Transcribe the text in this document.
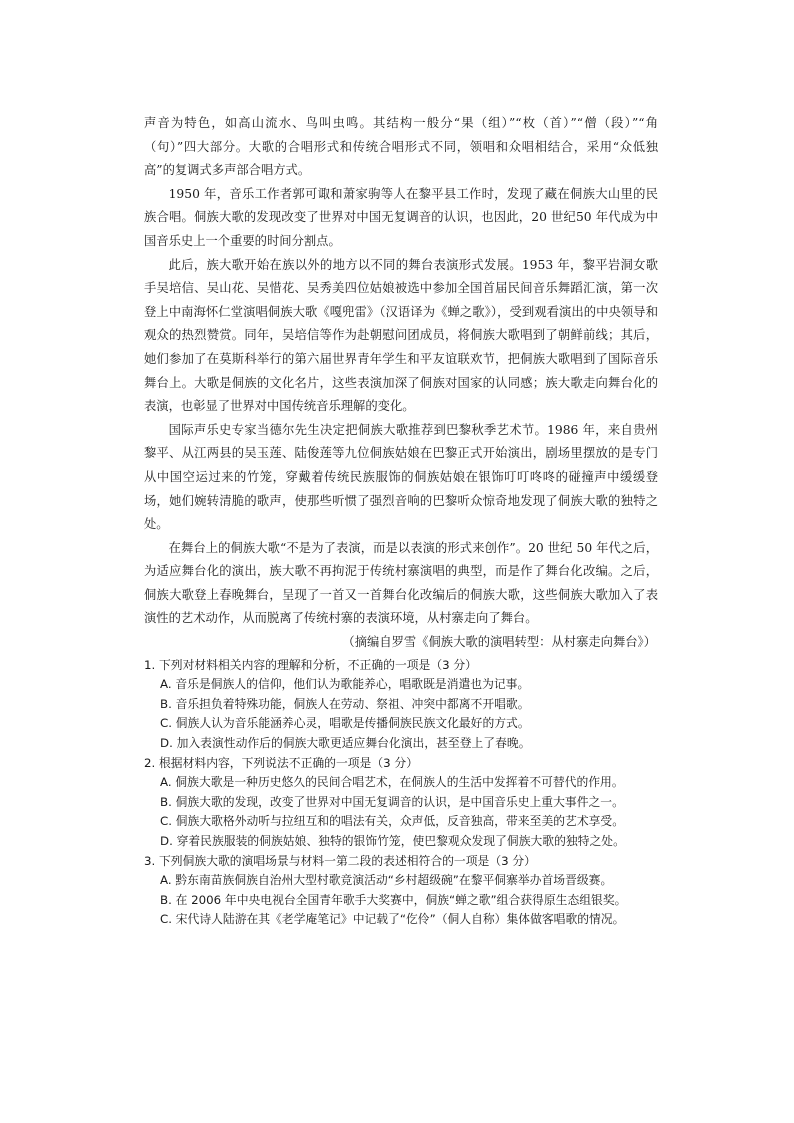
声音为特色，如高山流水、鸟叫虫鸣。其结构一般分“果（组）”“枚（首）”“僧（段）”“角（句）”四大部分。大歌的合唱形式和传统合唱形式不同，领唱和众唱相结合，采用“众低独高”的复调式多声部合唱方式。

1950 年，音乐工作者郭可诹和萧家驹等人在黎平县工作时，发现了藏在侗族大山里的民族合唱。侗族大歌的发现改变了世界对中国无复调音的认识，也因此，20 世纪50 年代成为中国音乐史上一个重要的时间分割点。

此后，族大歌开始在族以外的地方以不同的舞台表演形式发展。1953 年，黎平岩洞女歌手吴培信、吴山花、吴惜花、吴秀美四位姑娘被选中参加全国首届民间音乐舞蹈汇演，第一次登上中南海怀仁堂演唱侗族大歌《嘎兜雷》（汉语译为《蝉之歌》），受到观看演出的中央领导和观众的热烈赞赏。同年，吴培信等作为赴朝慰问团成员，将侗族大歌唱到了朝鲜前线；其后，她们参加了在莫斯科举行的第六届世界青年学生和平友谊联欢节，把侗族大歌唱到了国际音乐舞台上。大歌是侗族的文化名片，这些表演加深了侗族对国家的认同感；族大歌走向舞台化的表演，也彰显了世界对中国传统音乐理解的变化。

国际声乐史专家当德尔先生决定把侗族大歌推荐到巴黎秋季艺术节。1986 年，来自贵州黎平、从江两县的吴玉莲、陆俊莲等九位侗族姑娘在巴黎正式开始演出，剧场里摆放的是专门从中国空运过来的竹笼，穿戴着传统民族服饰的侗族姑娘在银饰叮叮咚咚的碰撞声中缓缓登场，她们婉转清脆的歌声，使那些听惯了强烈音响的巴黎听众惊奇地发现了侗族大歌的独特之处。

在舞台上的侗族大歌“不是为了表演，而是以表演的形式来创作”。20 世纪 50 年代之后，为适应舞台化的演出，族大歌不再拘泥于传统村寨演唱的典型，而是作了舞台化改编。之后，侗族大歌登上春晚舞台，呈现了一首又一首舞台化改编后的侗族大歌，这些侗族大歌加入了表演性的艺术动作，从而脱离了传统村寨的表演环境，从村寨走向了舞台。

（摘编自罗雪《侗族大歌的演唱转型：从村寨走向舞台》）

1. 下列对材料相关内容的理解和分析，不正确的一项是（3 分）

A. 音乐是侗族人的信仰，他们认为歌能养心，唱歌既是消遣也为记事。

B. 音乐担负着特殊功能，侗族人在劳动、祭祖、冲突中都离不开唱歌。

C. 侗族人认为音乐能涵养心灵，唱歌是传播侗族民族文化最好的方式。

D. 加入表演性动作后的侗族大歌更适应舞台化演出，甚至登上了春晚。

2. 根据材料内容，下列说法不正确的一项是（3 分）

A. 侗族大歌是一种历史悠久的民间合唱艺术，在侗族人的生活中发挥着不可替代的作用。

B. 侗族大歌的发现，改变了世界对中国无复调音的认识，是中国音乐史上重大事件之一。

C. 侗族大歌格外动听与拉纽互和的唱法有关，众声低，反音独高，带来至美的艺术享受。

D. 穿着民族服装的侗族姑娘、独特的银饰竹笼，使巴黎观众发现了侗族大歌的独特之处。

3. 下列侗族大歌的演唱场景与材料一第二段的表述相符合的一项是（3 分）

A. 黔东南苗族侗族自治州大型村歌竞演活动“乡村超级碗”在黎平侗寨举办首场晋级赛。

B. 在 2006 年中央电视台全国青年歌手大奖赛中，侗族“蝉之歌”组合获得原生态组银奖。

C. 宋代诗人陆游在其《老学庵笔记》中记载了“仡伶”（侗人自称）集体做客唱歌的情况。
